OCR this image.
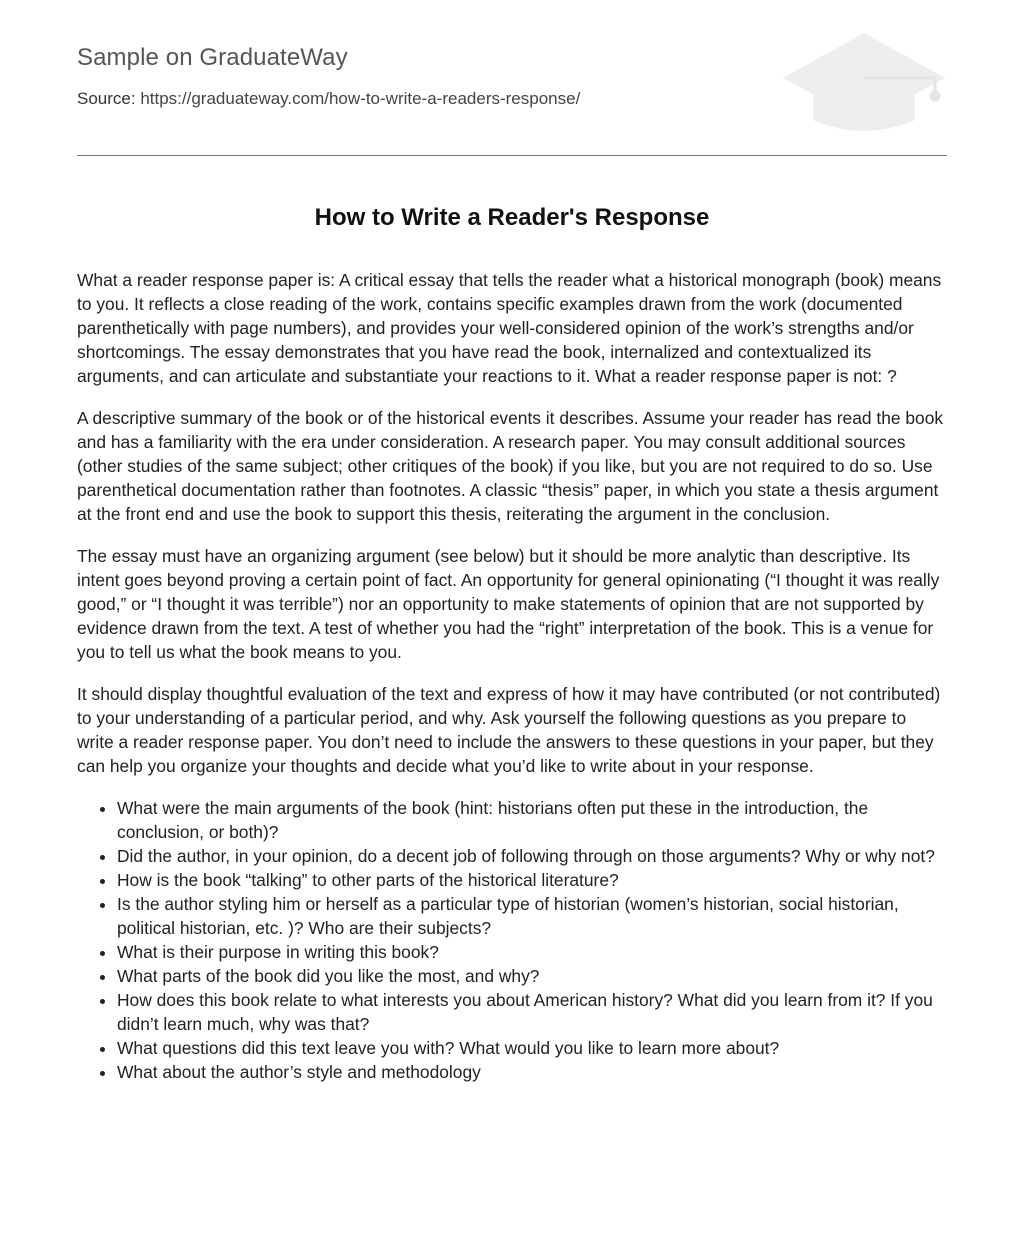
Sample on GraduateWay
Source: https://graduateway.com/how-to-write-a-readers-response/
How to Write a Reader's Response

What a reader response paper is: A critical essay that tells the reader what a historical monograph (book) means to you. It reflects a close reading of the work, contains specific examples drawn from the work (documented parenthetically with page numbers), and provides your well-considered opinion of the work’s strengths and/or shortcomings. The essay demonstrates that you have read the book, internalized and contextualized its arguments, and can articulate and substantiate your reactions to it. What a reader response paper is not: ?

A descriptive summary of the book or of the historical events it describes. Assume your reader has read the book and has a familiarity with the era under consideration. A research paper. You may consult additional sources (other studies of the same subject; other critiques of the book) if you like, but you are not required to do so. Use parenthetical documentation rather than footnotes. A classic “thesis” paper, in which you state a thesis argument at the front end and use the book to support this thesis, reiterating the argument in the conclusion.

The essay must have an organizing argument (see below) but it should be more analytic than descriptive. Its intent goes beyond proving a certain point of fact. An opportunity for general opinionating (“I thought it was really good,” or “I thought it was terrible”) nor an opportunity to make statements of opinion that are not supported by evidence drawn from the text. A test of whether you had the “right” interpretation of the book. This is a venue for you to tell us what the book means to you.

It should display thoughtful evaluation of the text and express of how it may have contributed (or not contributed) to your understanding of a particular period, and why. Ask yourself the following questions as you prepare to write a reader response paper. You don’t need to include the answers to these questions in your paper, but they can help you organize your thoughts and decide what you’d like to write about in your response.

• What were the main arguments of the book (hint: historians often put these in the introduction, the conclusion, or both)?
• Did the author, in your opinion, do a decent job of following through on those arguments? Why or why not?
• How is the book “talking” to other parts of the historical literature?
• Is the author styling him or herself as a particular type of historian (women’s historian, social historian, political historian, etc. )? Who are their subjects?
• What is their purpose in writing this book?
• What parts of the book did you like the most, and why?
• How does this book relate to what interests you about American history? What did you learn from it? If you didn’t learn much, why was that?
• What questions did this text leave you with? What would you like to learn more about?
• What about the author’s style and methodology
